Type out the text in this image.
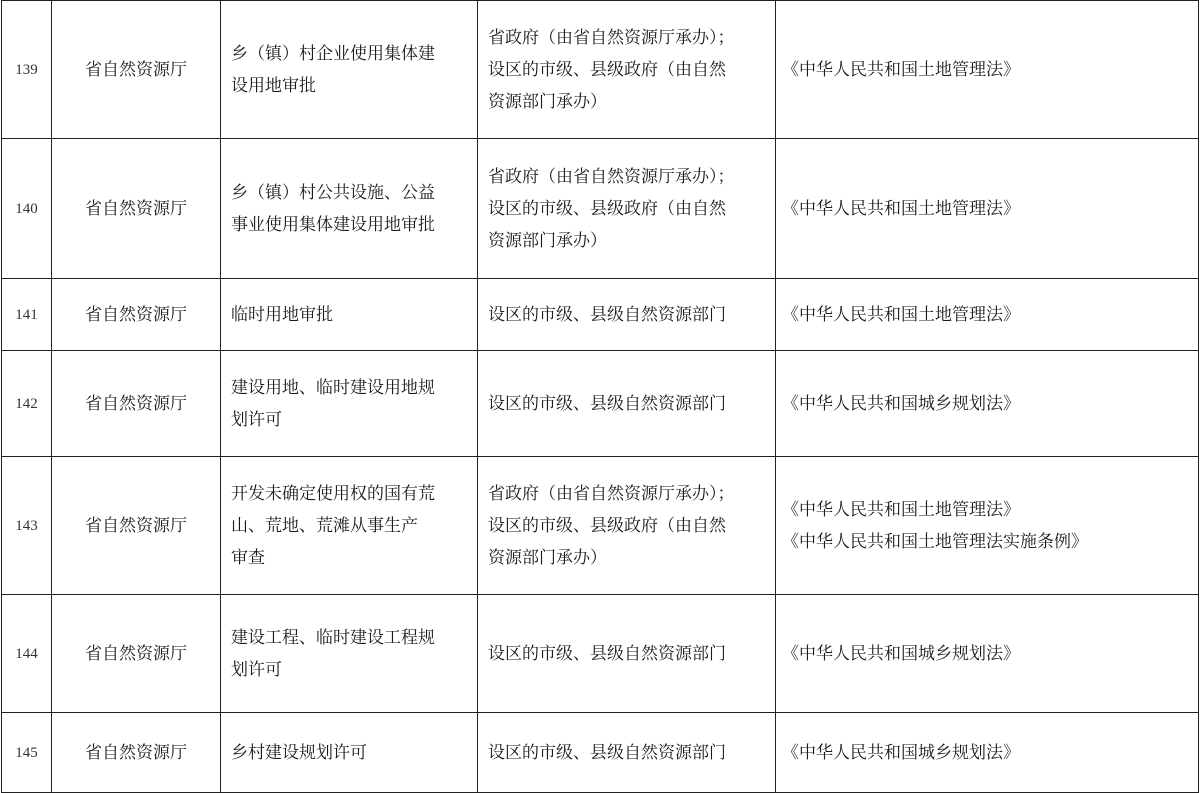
139	省自然资源厅	乡（镇）村企业使用集体建
设用地审批	省政府（由省自然资源厅承办）；
设区的市级、县级政府（由自然
资源部门承办）	《中华人民共和国土地管理法》

140	省自然资源厅	乡（镇）村公共设施、公益
事业使用集体建设用地审批	省政府（由省自然资源厅承办）；
设区的市级、县级政府（由自然
资源部门承办）	《中华人民共和国土地管理法》

141	省自然资源厅	临时用地审批	设区的市级、县级自然资源部门	《中华人民共和国土地管理法》

142	省自然资源厅	建设用地、临时建设用地规
划许可	设区的市级、县级自然资源部门	《中华人民共和国城乡规划法》

143	省自然资源厅	开发未确定使用权的国有荒
山、荒地、荒滩从事生产
审查	省政府（由省自然资源厅承办）；
设区的市级、县级政府（由自然
资源部门承办）	《中华人民共和国土地管理法》
《中华人民共和国土地管理法实施条例》

144	省自然资源厅	建设工程、临时建设工程规
划许可	设区的市级、县级自然资源部门	《中华人民共和国城乡规划法》

145	省自然资源厅	乡村建设规划许可	设区的市级、县级自然资源部门	《中华人民共和国城乡规划法》
